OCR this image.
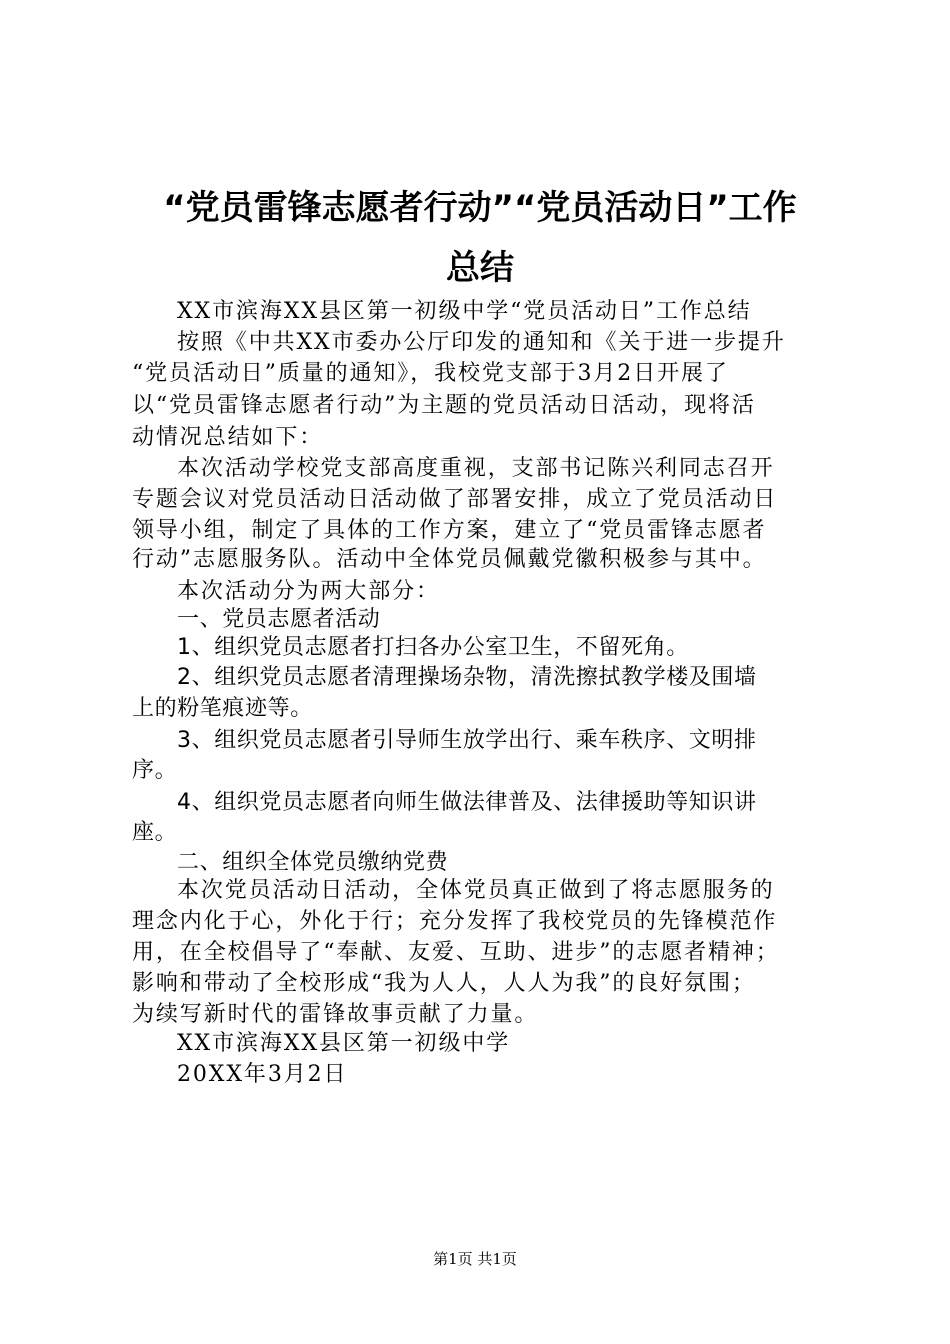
“党员雷锋志愿者行动”“党员活动日”工作
总结
XX市滨海XX县区第一初级中学“党员活动日”工作总结
按照《中共XX市委办公厅印发的通知和《关于进一步提升
“党员活动日”质量的通知》，我校党支部于3月2日开展了
以“党员雷锋志愿者行动”为主题的党员活动日活动，现将活
动情况总结如下：
本次活动学校党支部高度重视，支部书记陈兴利同志召开
专题会议对党员活动日活动做了部署安排，成立了党员活动日
领导小组，制定了具体的工作方案，建立了“党员雷锋志愿者
行动”志愿服务队。活动中全体党员佩戴党徽积极参与其中。
本次活动分为两大部分：
一、党员志愿者活动
1、组织党员志愿者打扫各办公室卫生，不留死角。
2、组织党员志愿者清理操场杂物，清洗擦拭教学楼及围墙
上的粉笔痕迹等。
3、组织党员志愿者引导师生放学出行、乘车秩序、文明排
序。
4、组织党员志愿者向师生做法律普及、法律援助等知识讲
座。
二、组织全体党员缴纳党费
本次党员活动日活动，全体党员真正做到了将志愿服务的
理念内化于心，外化于行；充分发挥了我校党员的先锋模范作
用，在全校倡导了“奉献、友爱、互助、进步”的志愿者精神；
影响和带动了全校形成“我为人人，人人为我”的良好氛围；
为续写新时代的雷锋故事贡献了力量。
XX市滨海XX县区第一初级中学
20XX年3月2日
第1页 共1页
